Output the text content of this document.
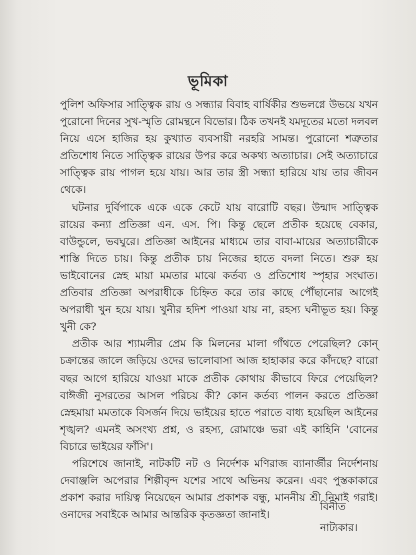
ভূমিকা

পুলিশ অফিসার সাত্ত্বিক রায় ও সন্ধ্যার বিবাহ বার্ষিকীর শুভলগ্নে উভয়ে যখন পুরোনো দিনের সুখ-স্মৃতি রোমন্থনে বিভোর। ঠিক তখনই যমদূতের মতো দলবল নিয়ে এসে হাজির হয় কুখ্যাত ব্যবসায়ী নরহরি সামন্ত। পুরোনো শত্রুতার প্রতিশোধ নিতে সাত্ত্বিক রায়ের উপর করে অকথ্য অত্যাচার। সেই অত্যাচারে সাত্ত্বিক রায় পাগল হয়ে যায়। আর তার স্ত্রী সন্ধ্যা হারিয়ে যায় তার জীবন থেকে।

ঘটনার দুর্বিপাকে একে একে কেটে যায় বারোটি বছর। উন্মাদ সাত্ত্বিক রায়ের কন্যা প্রতিজ্ঞা এন. এস. পি। কিন্তু ছেলে প্রতীক হয়েছে বেকার, বাউন্ডুলে, ভবঘুরে। প্রতিজ্ঞা আইনের মাধ্যমে তার বাবা-মায়ের অত্যাচারীকে শাস্তি দিতে চায়। কিন্তু প্রতীক চায় নিজের হাতে বদলা নিতে। শুরু হয় ভাইবোনের স্নেহ মায়া মমতার মাঝে কর্তব্য ও প্রতিশোধ স্পৃহার সংঘাত। প্রতিবার প্রতিজ্ঞা অপরাধীকে চিহ্নিত করে তার কাছে পৌঁছানোর আগেই অপরাধী খুন হয়ে যায়। খুনীর হদিশ পাওয়া যায় না, রহস্য ঘনীভূত হয়। কিন্তু খুনী কে?

প্রতীক আর শ্যামলীর প্রেম কি মিলনের মালা গাঁথতে পেরেছিল? কোন্ চক্রান্তের জালে জড়িয়ে ওদের ভালোবাসা আজ হাহাকার করে কাঁদছে? বারো বছর আগে হারিয়ে যাওয়া মাকে প্রতীক কোথায় কীভাবে ফিরে পেয়েছিল? বাঈজী নুসরতের আসল পরিচয় কী? কোন কর্তব্য পালন করতে প্রতিজ্ঞা স্নেহমায়া মমতাকে বিসর্জন দিয়ে ভাইয়ের হাতে পরাতে বাধ্য হয়েছিল আইনের শৃঙ্খল? এমনই অসংখ্য প্রশ্ন, ও রহস্য, রোমাঞ্চে ভরা এই কাহিনি 'বোনের বিচারে ভাইয়ের ফাঁসি'।

পরিশেষে জানাই, নাটকটি নট ও নির্দেশক মণিরাজ ব্যানার্জীর নির্দেশনায় দেবাঞ্জলি অপেরার শিল্পীবৃন্দ যশের সাথে অভিনয় করেন। এবং পুস্তকাকারে প্রকাশ করার দায়িত্ব নিয়েছেন আমার প্রকাশক বন্ধু, মাননীয় শ্রী নিমাই গরাই। ওনাদের সবাইকে আমার আন্তরিক কৃতজ্ঞতা জানাই।

বিনীত
নাট্যকার।
